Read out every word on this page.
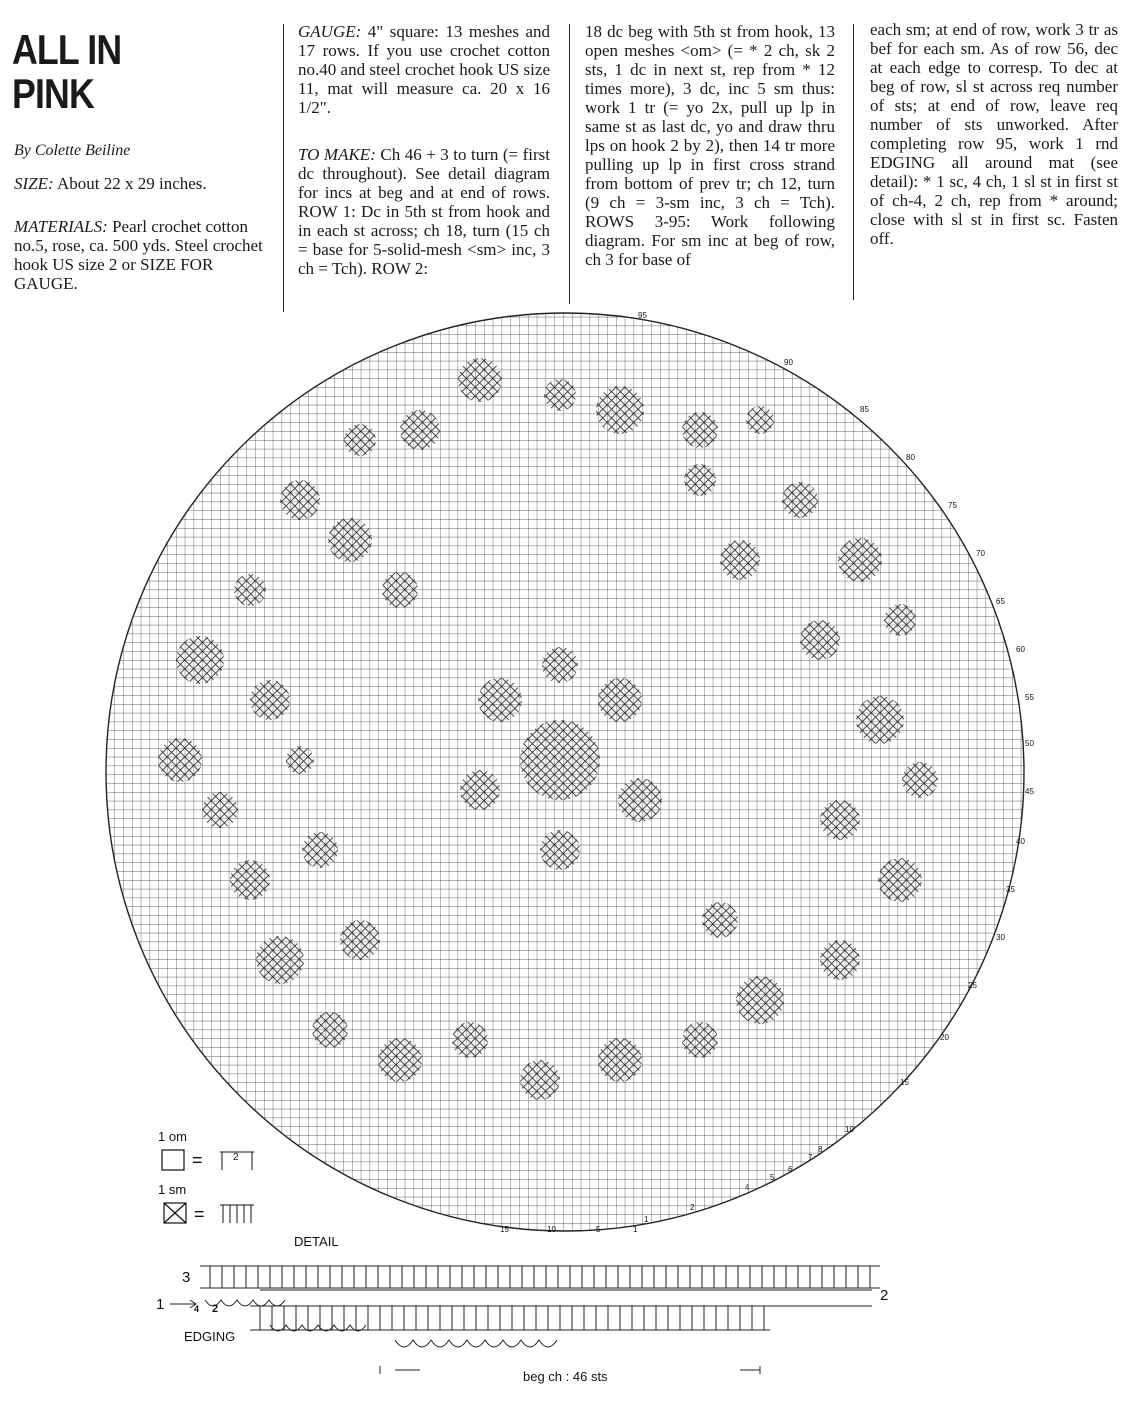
1
2
4
5
6
7
8
10
15
20
25
30
35
40
45
50
55
60
65
70
75
80
85
90
95
15	10	5	1
1 om
=	2
1 sm
=
DETAIL
3
1
2
4 2
EDGING
beg ch : 46 sts
ALL IN
PINK
By Colette Beiline

SIZE: About 22 x 29 inches.

MATERIALS: Pearl crochet cotton no.5, rose, ca. 500 yds. Steel crochet hook US size 2 or SIZE FOR GAUGE.

GAUGE: 4" square: 13 meshes and 17 rows. If you use crochet cotton no.40 and steel crochet hook US size 11, mat will measure ca. 20 x 16 1/2".

TO MAKE: Ch 46 + 3 to turn (= first dc throughout). See detail diagram for incs at beg and at end of rows. ROW 1: Dc in 5th st from hook and in each st across; ch 18, turn (15 ch = base for 5-solid-mesh <sm> inc, 3 ch = Tch). ROW 2:

18 dc beg with 5th st from hook, 13 open meshes <om> (= * 2 ch, sk 2 sts, 1 dc in next st, rep from * 12 times more), 3 dc, inc 5 sm thus: work 1 tr (= yo 2x, pull up lp in same st as last dc, yo and draw thru lps on hook 2 by 2), then 14 tr more pulling up lp in first cross strand from bottom of prev tr; ch 12, turn (9 ch = 3-sm inc, 3 ch = Tch). ROWS 3-95: Work following diagram. For sm inc at beg of row, ch 3 for base of

each sm; at end of row, work 3 tr as bef for each sm. As of row 56, dec at each edge to corresp. To dec at beg of row, sl st across req number of sts; at end of row, leave req number of sts unworked. After completing row 95, work 1 rnd EDGING all around mat (see detail): * 1 sc, 4 ch, 1 sl st in first st of ch-4, 2 ch, rep from * around; close with sl st in first sc. Fasten off.
